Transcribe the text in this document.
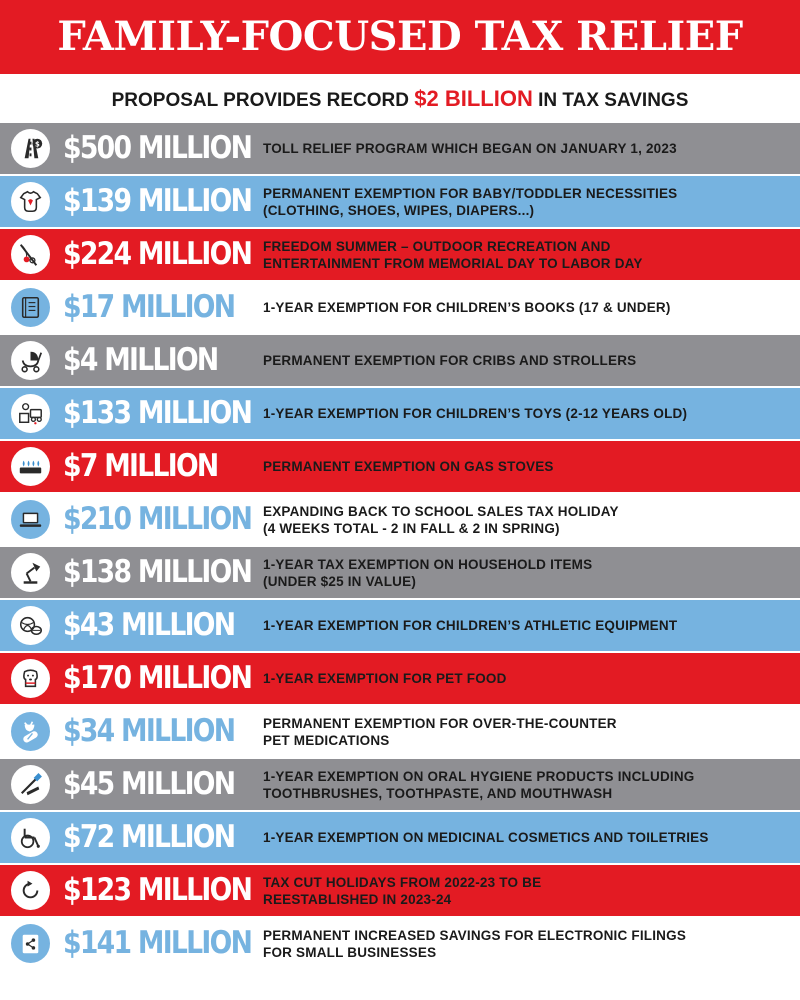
FAMILY-FOCUSED TAX RELIEF
PROPOSAL PROVIDES RECORD $2 BILLION IN TAX SAVINGS
$ $500 MILLION TOLL RELIEF PROGRAM WHICH BEGAN ON JANUARY 1, 2023
$139 MILLION PERMANENT EXEMPTION FOR BABY/TODDLER NECESSITIES
(CLOTHING, SHOES, WIPES, DIAPERS...)
$224 MILLION FREEDOM SUMMER – OUTDOOR RECREATION AND
ENTERTAINMENT FROM MEMORIAL DAY TO LABOR DAY
$17 MILLION 1-YEAR EXEMPTION FOR CHILDREN’S BOOKS (17 & UNDER)
$4 MILLION	PERMANENT EXEMPTION FOR CRIBS AND STROLLERS
$133 MILLION 1-YEAR EXEMPTION FOR CHILDREN’S TOYS (2-12 YEARS OLD)
$7 MILLION	PERMANENT EXEMPTION ON GAS STOVES
$210 MILLION EXPANDING BACK TO SCHOOL SALES TAX HOLIDAY
(4 WEEKS TOTAL - 2 IN FALL & 2 IN SPRING)
$138 MILLION 1-YEAR TAX EXEMPTION ON HOUSEHOLD ITEMS
(UNDER $25 IN VALUE)
$43 MILLION 1-YEAR EXEMPTION FOR CHILDREN’S ATHLETIC EQUIPMENT
$170 MILLION 1-YEAR EXEMPTION FOR PET FOOD
$34 MILLION PERMANENT EXEMPTION FOR OVER-THE-COUNTER
PET MEDICATIONS
$45 MILLION 1-YEAR EXEMPTION ON ORAL HYGIENE PRODUCTS INCLUDING
TOOTHBRUSHES, TOOTHPASTE, AND MOUTHWASH
$72 MILLION 1-YEAR EXEMPTION ON MEDICINAL COSMETICS AND TOILETRIES
$123 MILLION TAX CUT HOLIDAYS FROM 2022-23 TO BE
REESTABLISHED IN 2023-24
$141 MILLION PERMANENT INCREASED SAVINGS FOR ELECTRONIC FILINGS
FOR SMALL BUSINESSES
